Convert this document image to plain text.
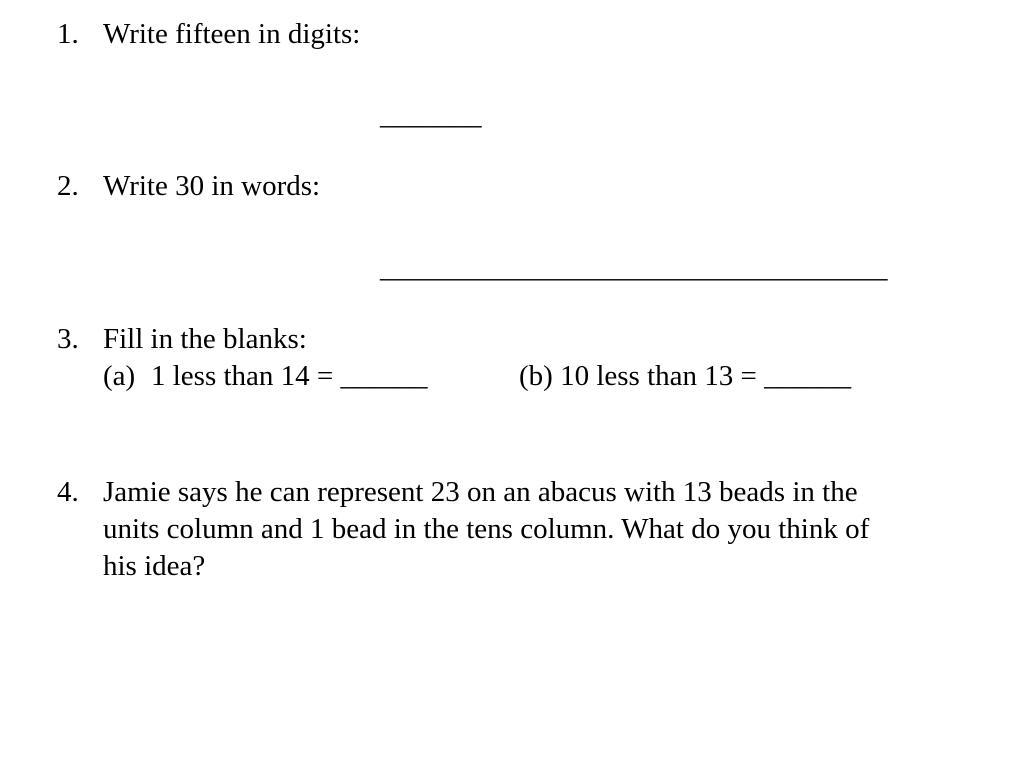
1. Write fifteen in digits:
_______
2. Write 30 in words:
___________________________________
3. Fill in the blanks:
(a) 1 less than 14 = ______	(b) 10 less than 13 = ______
4. Jamie says he can represent 23 on an abacus with 13 beads in the
units column and 1 bead in the tens column. What do you think of
his idea?
